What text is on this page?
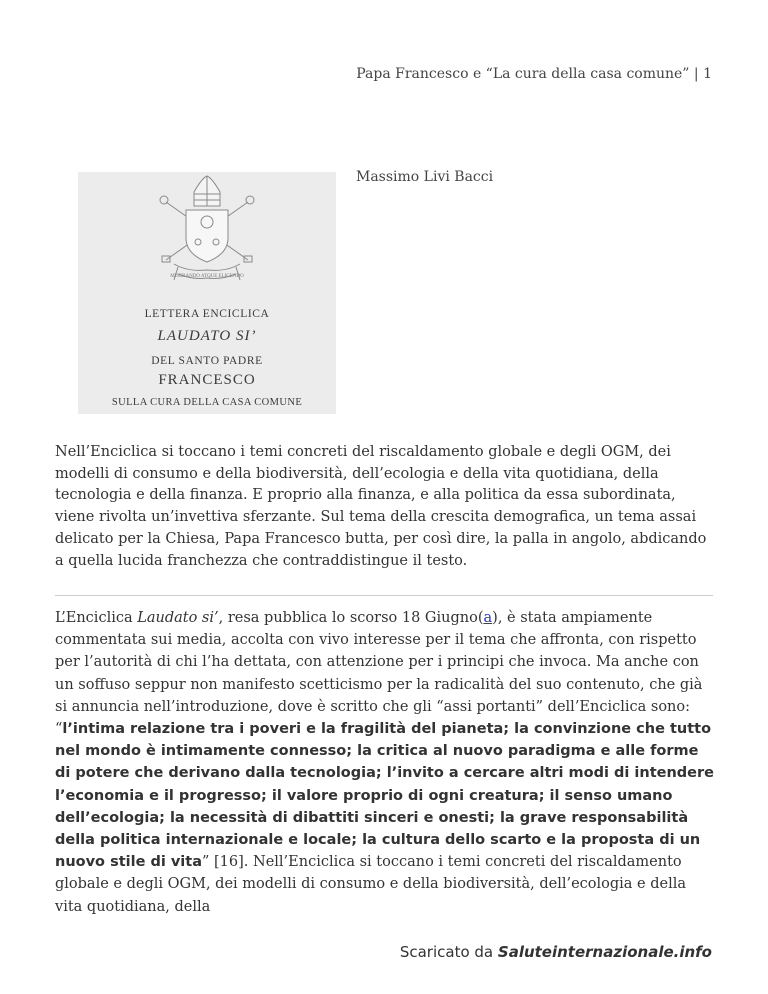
Papa Francesco e “La cura della casa comune” | 1
MISERANDO ATQUE ELIGENDO
LETTERA ENCICLICA
LAUDATO SI’
DEL SANTO PADRE
FRANCESCO
SULLA CURA DELLA CASA COMUNE
Massimo Livi Bacci
Nell’Enciclica si toccano i temi concreti del riscaldamento globale e degli OGM, dei modelli di consumo e della biodiversità, dell’ecologia e della vita quotidiana, della tecnologia e della finanza. E proprio alla finanza, e alla politica da essa subordinata, viene rivolta un’invettiva sferzante. Sul tema della crescita demografica, un tema assai delicato per la Chiesa, Papa Francesco butta, per così dire, la palla in angolo, abdicando a quella lucida franchezza che contraddistingue il testo.
L’Enciclica Laudato si’, resa pubblica lo scorso 18 Giugno(a), è stata ampiamente commentata sui media, accolta con vivo interesse per il tema che affronta, con rispetto per l’autorità di chi l’ha dettata, con attenzione per i principi che invoca. Ma anche con un soffuso seppur non manifesto scetticismo per la radicalità del suo contenuto, che già si annuncia nell’introduzione, dove è scritto che gli “assi portanti” dell’Enciclica sono: “l’intima relazione tra i poveri e la fragilità del pianeta; la convinzione che tutto nel mondo è intimamente connesso; la critica al nuovo paradigma e alle forme di potere che derivano dalla tecnologia; l’invito a cercare altri modi di intendere l’economia e il progresso; il valore proprio di ogni creatura; il senso umano dell’ecologia; la necessità di dibattiti sinceri e onesti; la grave responsabilità della politica internazionale e locale; la cultura dello scarto e la proposta di un nuovo stile di vita” [16]. Nell’Enciclica si toccano i temi concreti del riscaldamento globale e degli OGM, dei modelli di consumo e della biodiversità, dell’ecologia e della vita quotidiana, della
Scaricato da Saluteinternazionale.info
